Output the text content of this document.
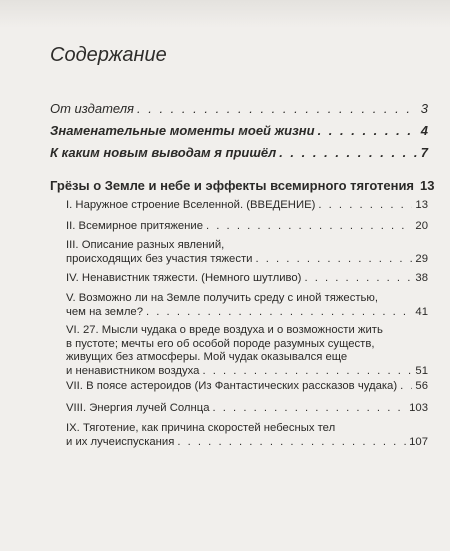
Содержание
От издателя . . .	3
Знаменательные моменты моей жизни . . .	4
К каким новым выводам я пришёл . . .	7
Грёзы о Земле и небе и эффекты всемирного тяготения 13
I. Наружное строение Вселенной. (ВВЕДЕНИЕ) . . .	13
II. Всемирное притяжение . . .	20
III. Описание разных явлений,
происходящих без участия тяжести . . .	29
IV. Ненавистник тяжести. (Немного шутливо) . . .	38
V. Возможно ли на Земле получить среду с иной тяжестью,
чем на земле? . . .	41
VI. 27. Мысли чудака о вреде воздуха и о возможности жить
в пустоте; мечты его об особой породе разумных существ,
живущих без атмосферы. Мой чудак оказывался еще
и ненавистником воздуха . . .	51
VII. В поясе астероидов (Из Фантастических рассказов чудака) . . . 56
VIII. Энергия лучей Солнца . . .	103
IX. Тяготение, как причина скоростей небесных тел
и их лучеиспускания . . .	107
